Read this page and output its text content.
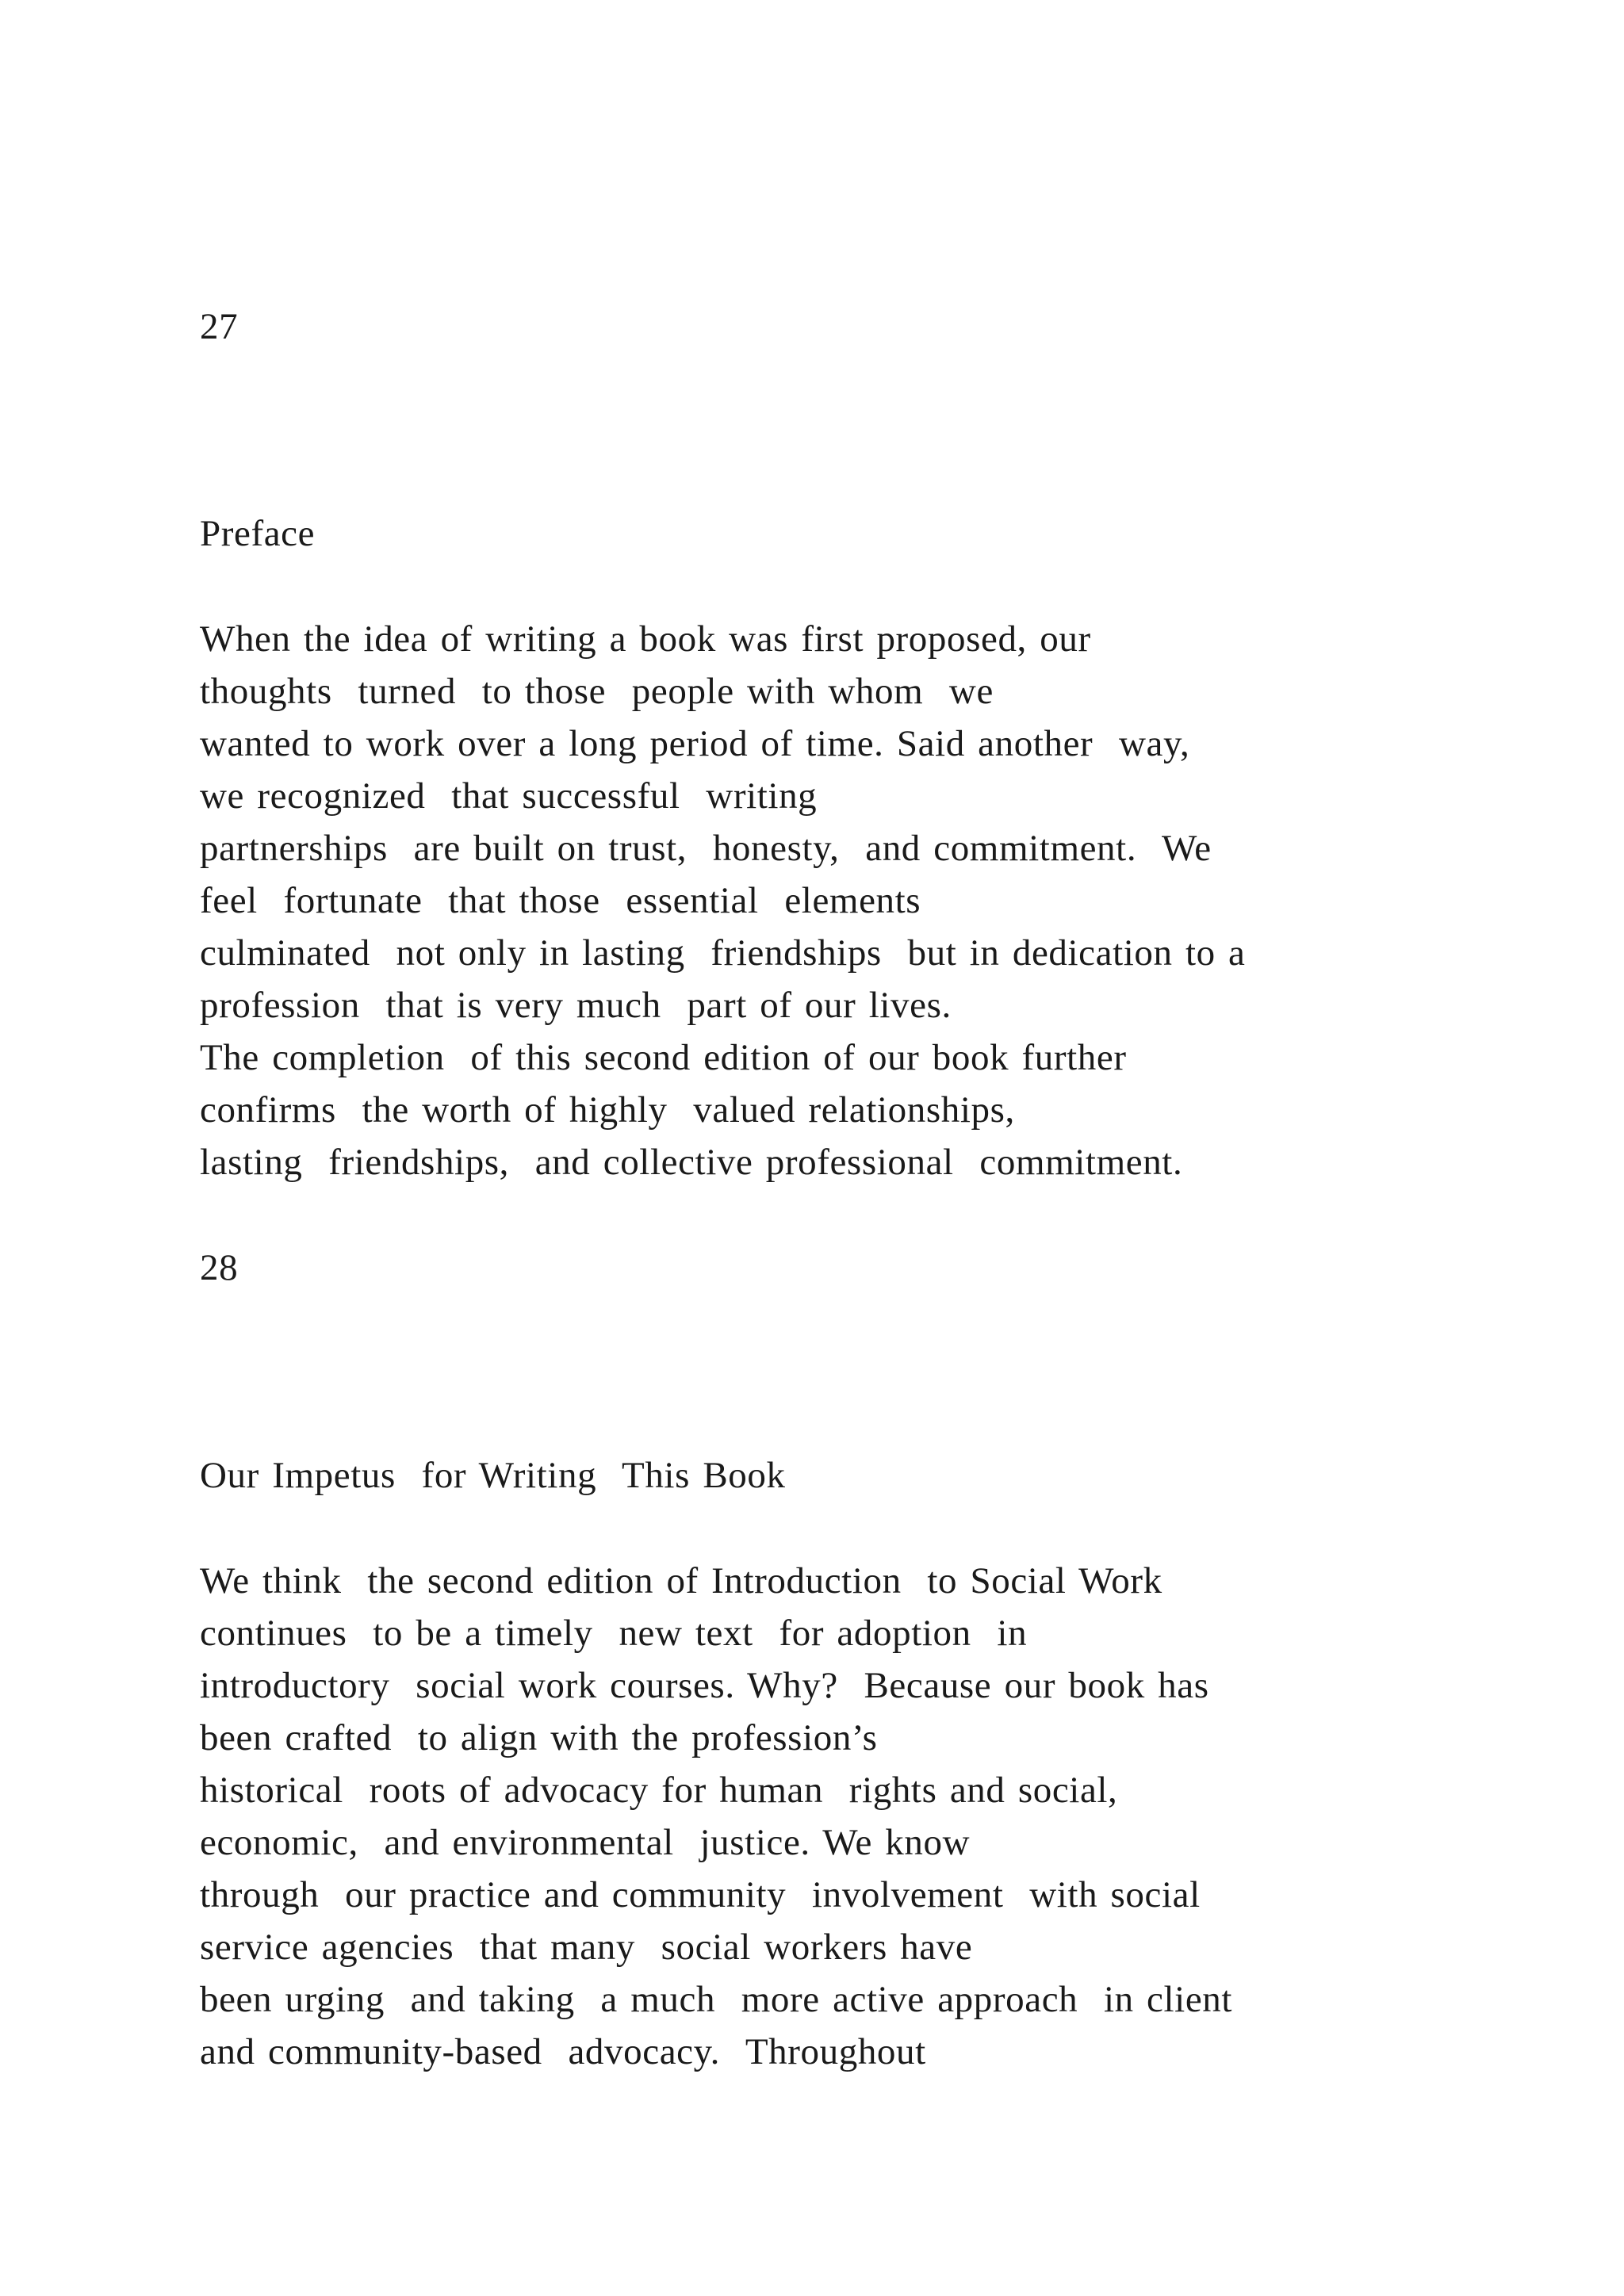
27
Preface
When the idea of writing a book was first proposed, our
thoughts  turned  to those  people with whom  we
wanted to work over a long period of time. Said another  way,
we recognized  that successful  writing
partnerships  are built on trust,  honesty,  and commitment.  We
feel  fortunate  that those  essential  elements
culminated  not only in lasting  friendships  but in dedication to a
profession  that is very much  part of our lives.
The completion  of this second edition of our book further
confirms  the worth of highly  valued relationships,
lasting  friendships,  and collective professional  commitment.
28
Our Impetus  for Writing  This Book
We think  the second edition of Introduction  to Social Work
continues  to be a timely  new text  for adoption  in
introductory  social work courses. Why?  Because our book has
been crafted  to align with the profession’s
historical  roots of advocacy for human  rights and social,
economic,  and environmental  justice. We know
through  our practice and community  involvement  with social
service agencies  that many  social workers have
been urging  and taking  a much  more active approach  in client
and community-based  advocacy.  Throughout
